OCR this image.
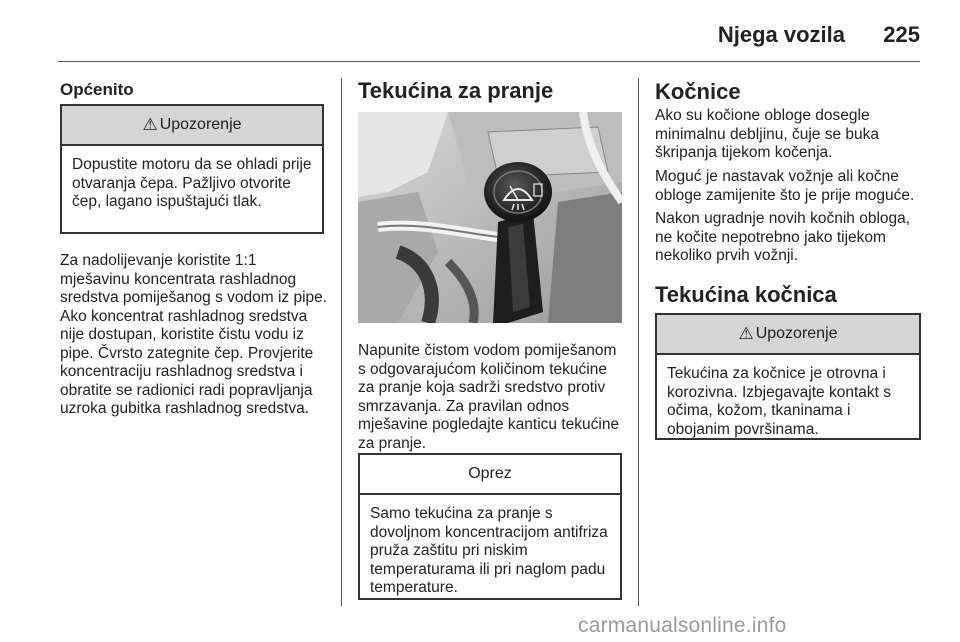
Njega vozila 225
Općenito
⚠ Upozorenje
Dopustite motoru da se ohladi prije otvaranja čepa. Pažljivo otvorite čep, lagano ispuštajući tlak.

Za nadolijevanje koristite 1:1 mješavinu koncentrata rashladnog sredstva pomiješanog s vodom iz pipe. Ako koncentrat rashladnog sredstva nije dostupan, koristite čistu vodu iz pipe. Čvrsto zategnite čep. Provjerite koncentraciju rashladnog sredstva i obratite se radionici radi popravljanja uzroka gubitka rashladnog sredstva.

Tekućina za pranje

Napunite čistom vodom pomiješanom s odgovarajućom količinom tekućine za pranje koja sadrži sredstvo protiv smrzavanja. Za pravilan odnos mješavine pogledajte kanticu tekućine za pranje.

Oprez
Samo tekućina za pranje s dovoljnom koncentracijom antifriza pruža zaštitu pri niskim temperaturama ili pri naglom padu temperature.
Kočnice

Ako su kočione obloge dosegle minimalnu debljinu, čuje se buka škripanja tijekom kočenja.

Moguć je nastavak vožnje ali kočne obloge zamijenite što je prije moguće.

Nakon ugradnje novih kočnih obloga, ne kočite nepotrebno jako tijekom nekoliko prvih vožnji.

Tekućina kočnica
⚠ Upozorenje
Tekućina za kočnice je otrovna i korozivna. Izbjegavajte kontakt s očima, kožom, tkaninama i obojanim površinama.
carmanualsonline.info
